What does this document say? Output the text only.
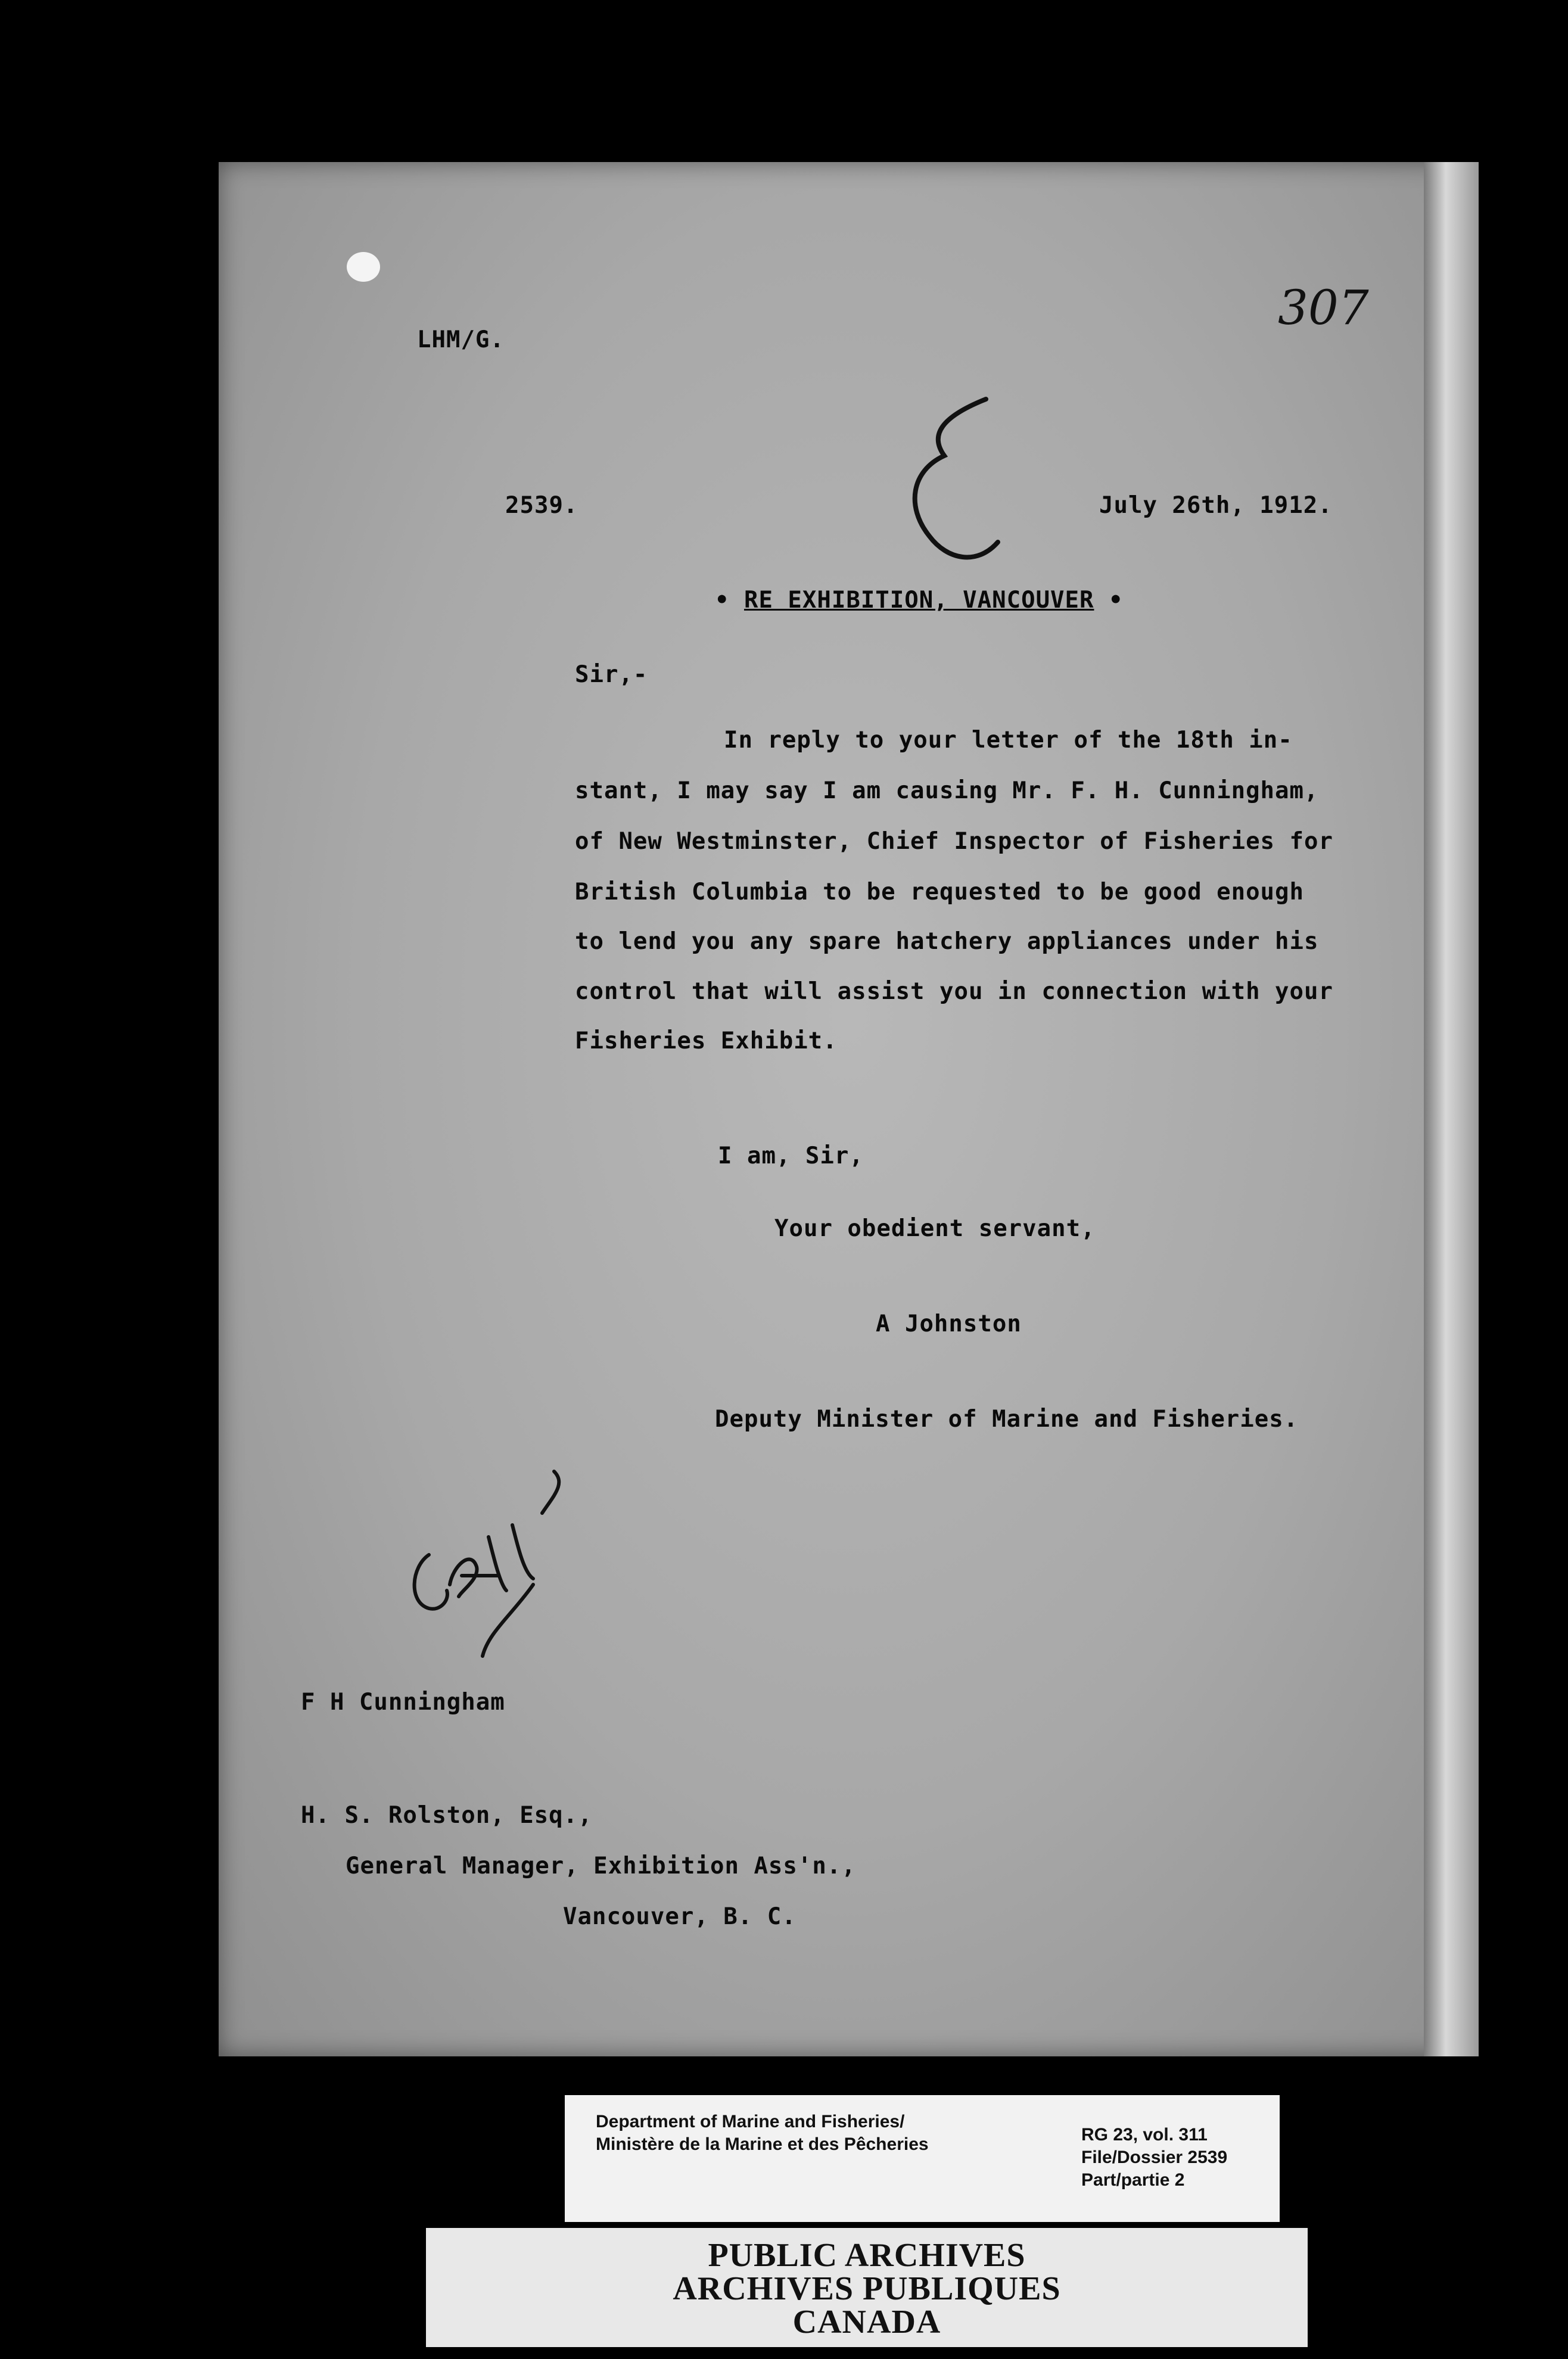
LHM/G.
307
2539.	July 26th, 1912.
• RE EXHIBITION, VANCOUVER •
Sir,-
In reply to your letter of the 18th in-
stant, I may say I am causing Mr. F. H. Cunningham,
of New Westminster, Chief Inspector of Fisheries for
British Columbia to be requested to be good enough
to lend you any spare hatchery appliances under his
control that will assist you in connection with your
Fisheries Exhibit.
I am, Sir,
Your obedient servant,
A Johnston
Deputy Minister of Marine and Fisheries.
F H Cunningham
H. S. Rolston, Esq.,
General Manager, Exhibition Ass'n.,
Vancouver, B. C.
Department of Marine and Fisheries/
Ministère de la Marine et des Pêcheries	RG 23, vol. 311
File/Dossier 2539
Part/partie 2
PUBLIC ARCHIVES
ARCHIVES PUBLIQUES
CANADA
